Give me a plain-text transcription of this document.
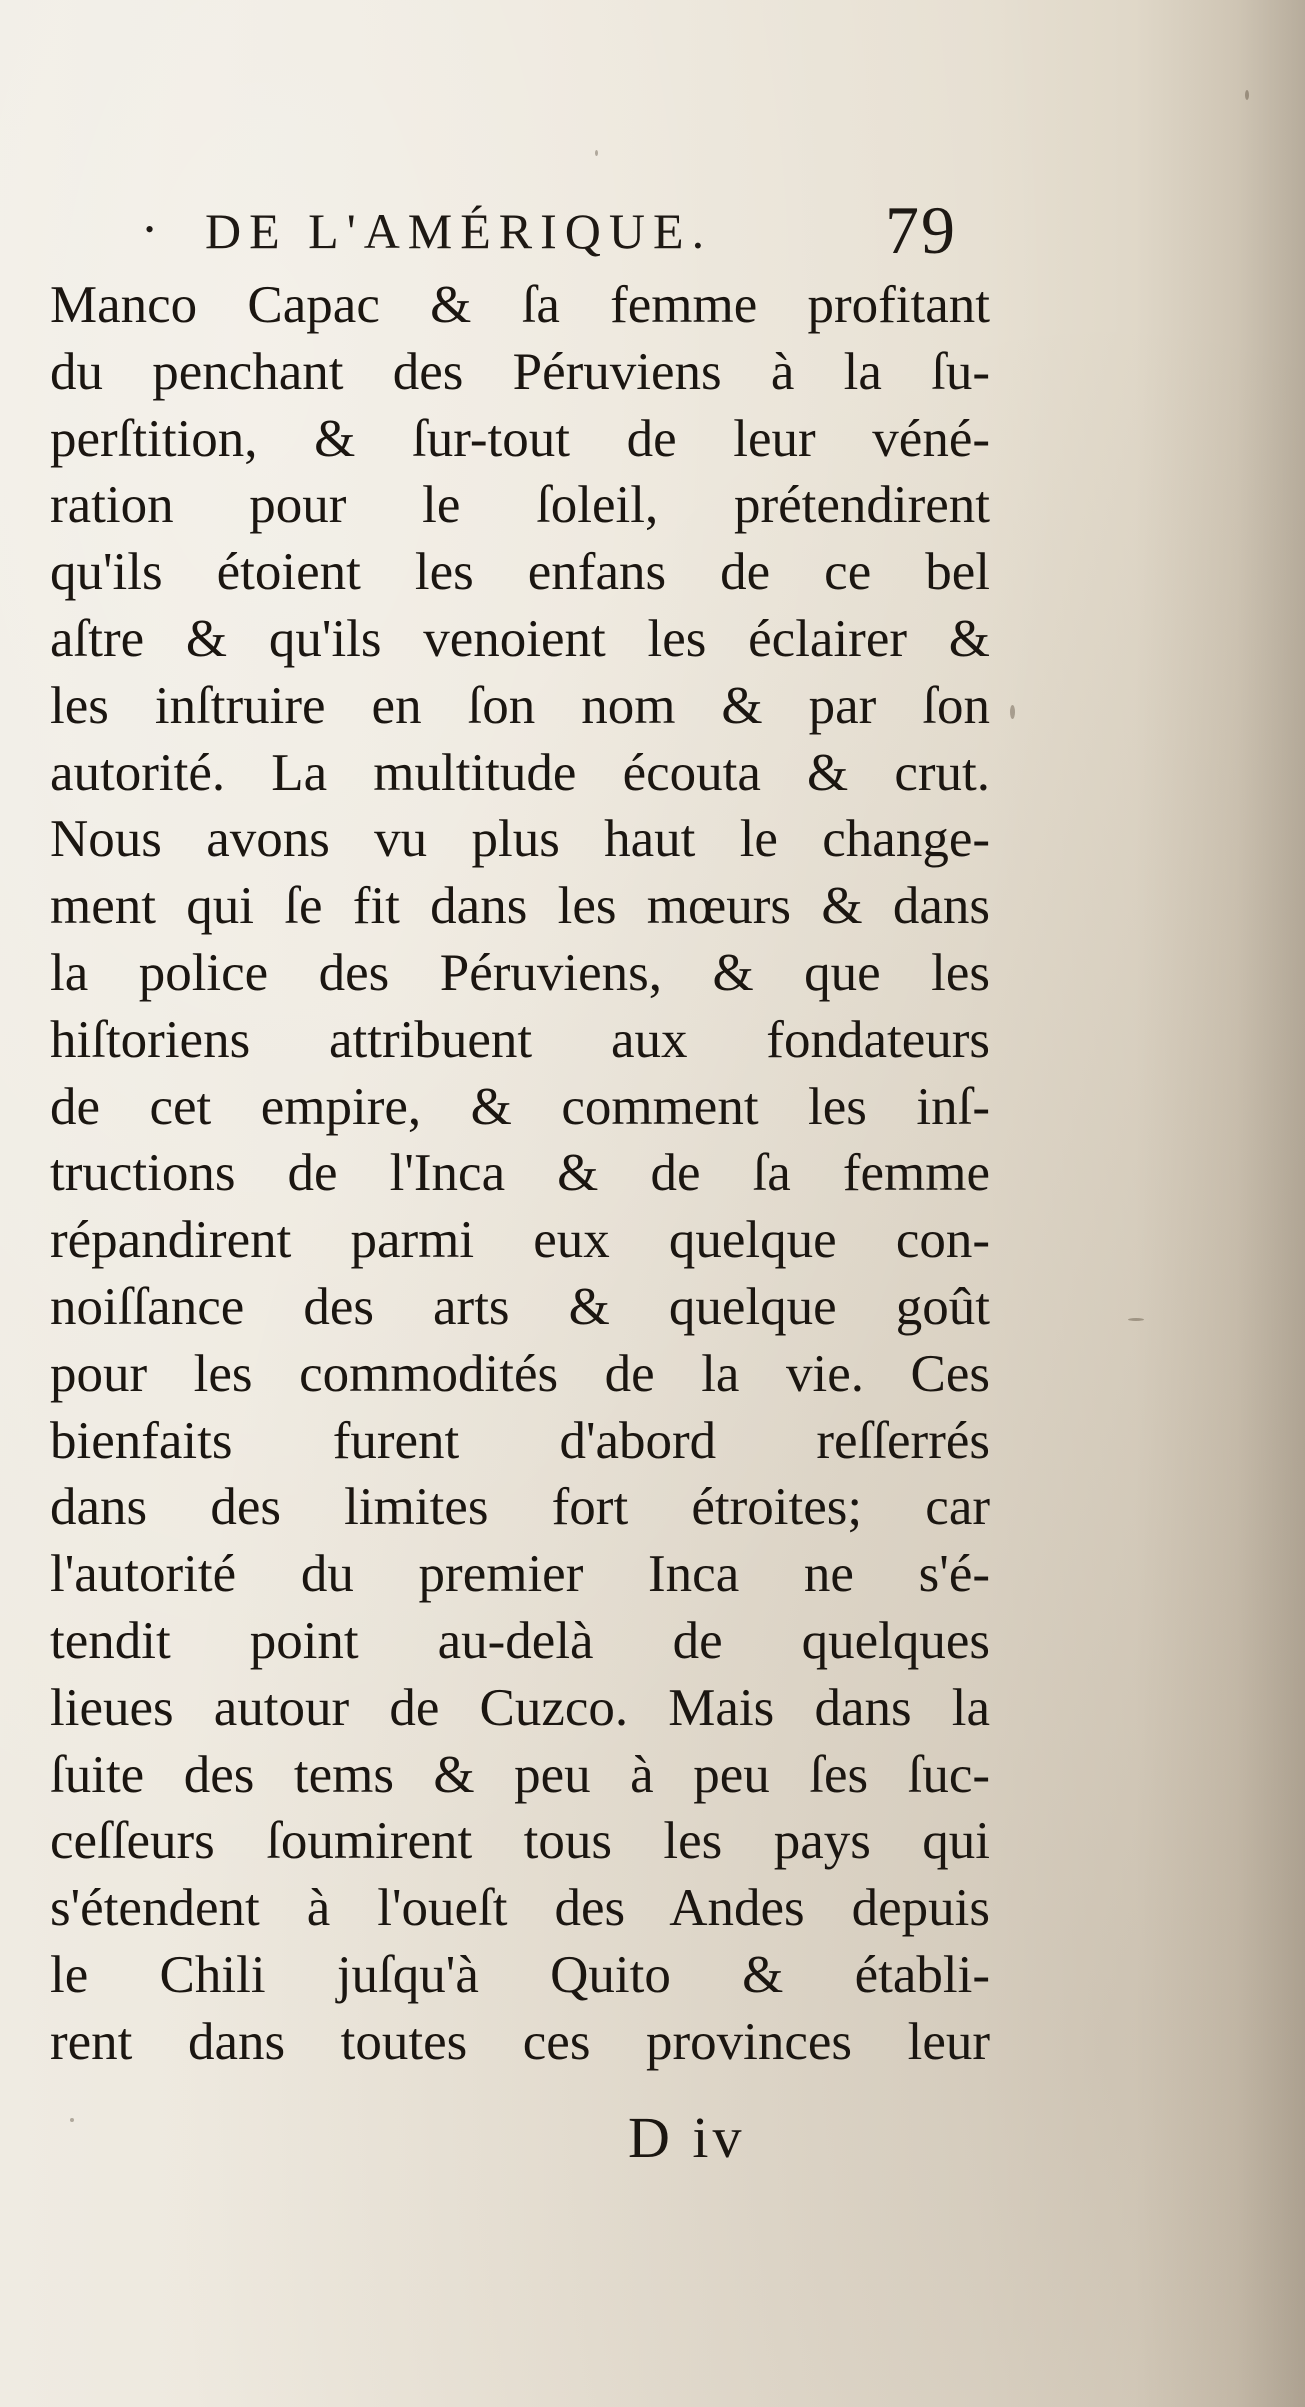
• DE L'AMÉRIQUE.	79
Manco Capac & ſa femme profitant
du penchant des Péruviens à la ſu-
perſtition, & ſur-tout de leur véné-
ration pour le ſoleil, prétendirent
qu'ils étoient les enfans de ce bel
aſtre & qu'ils venoient les éclairer &
les inſtruire en ſon nom & par ſon
autorité. La multitude écouta & crut.
Nous avons vu plus haut le change-
ment qui ſe fit dans les mœurs & dans
la police des Péruviens, & que les
hiſtoriens attribuent aux fondateurs
de cet empire, & comment les inſ-
tructions de l'Inca & de ſa femme
répandirent parmi eux quelque con-
noiſſance des arts & quelque goût
pour les commodités de la vie. Ces
bienfaits furent d'abord reſſerrés
dans des limites fort étroites; car
l'autorité du premier Inca ne s'é-
tendit point au-delà de quelques
lieues autour de Cuzco. Mais dans la
ſuite des tems & peu à peu ſes ſuc-
ceſſeurs ſoumirent tous les pays qui
s'étendent à l'oueſt des Andes depuis
le Chili juſqu'à Quito & établi-
rent dans toutes ces provinces leur
D iv
